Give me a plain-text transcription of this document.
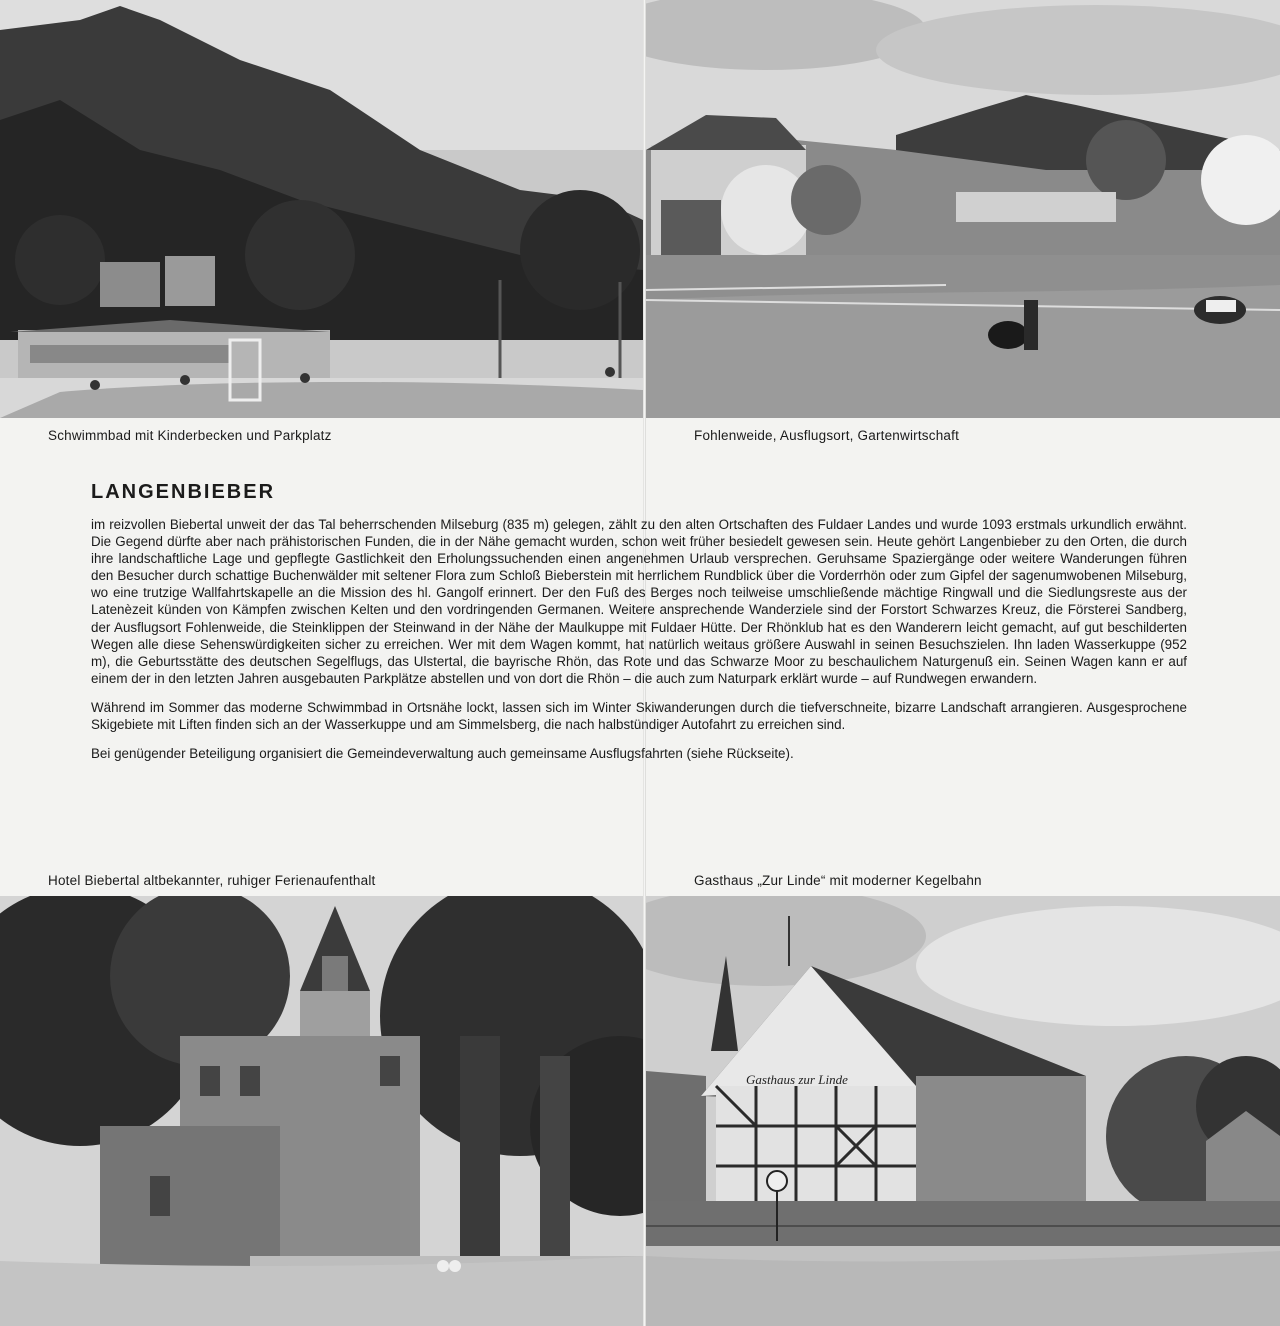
Gasthaus zur Linde
Schwimmbad mit Kinderbecken und Parkplatz	Fohlenweide, Ausflugsort, Gartenwirtschaft
Hotel Biebertal altbekannter, ruhiger Ferienaufenthalt	Gasthaus „Zur Linde“ mit moderner Kegelbahn
LANGENBIEBER

im reizvollen Biebertal unweit der das Tal beherrschenden Milseburg (835 m) gelegen, zählt zu den alten Ortschaften des Fuldaer Landes und wurde 1093 erstmals urkundlich erwähnt. Die Gegend dürfte aber nach prähistorischen Funden, die in der Nähe gemacht wurden, schon weit früher besiedelt gewesen sein. Heute gehört Langenbieber zu den Orten, die durch ihre landschaftliche Lage und gepflegte Gastlichkeit den Erholungssuchenden einen angenehmen Urlaub versprechen. Geruhsame Spaziergänge oder weitere Wanderungen führen den Besucher durch schattige Buchenwälder mit seltener Flora zum Schloß Bieberstein mit herrlichem Rundblick über die Vorderrhön oder zum Gipfel der sagenumwobenen Milseburg, wo eine trutzige Wallfahrtskapelle an die Mission des hl. Gangolf erinnert. Der den Fuß des Berges noch teilweise umschließende mächtige Ringwall und die Siedlungsreste aus der Latenèzeit künden von Kämpfen zwischen Kelten und den vordringenden Germanen. Weitere ansprechende Wanderziele sind der Forstort Schwarzes Kreuz, die Försterei Sandberg, der Ausflugsort Fohlenweide, die Steinklippen der Steinwand in der Nähe der Maulkuppe mit Fuldaer Hütte. Der Rhönklub hat es den Wanderern leicht gemacht, auf gut beschilderten Wegen alle diese Sehenswürdigkeiten sicher zu erreichen. Wer mit dem Wagen kommt, hat natürlich weitaus größere Auswahl in seinen Besuchszielen. Ihn laden Wasserkuppe (952 m), die Geburtsstätte des deutschen Segelflugs, das Ulstertal, die bayrische Rhön, das Rote und das Schwarze Moor zu beschaulichem Naturgenuß ein. Seinen Wagen kann er auf einem der in den letzten Jahren ausgebauten Parkplätze abstellen und von dort die Rhön – die auch zum Naturpark erklärt wurde – auf Rundwegen erwandern.

Während im Sommer das moderne Schwimmbad in Ortsnähe lockt, lassen sich im Winter Skiwanderungen durch die tiefverschneite, bizarre Landschaft arrangieren. Ausgesprochene Skigebiete mit Liften finden sich an der Wasserkuppe und am Simmelsberg, die nach halbstündiger Autofahrt zu erreichen sind.

Bei genügender Beteiligung organisiert die Gemeindeverwaltung auch gemeinsame Ausflugsfahrten (siehe Rückseite).
